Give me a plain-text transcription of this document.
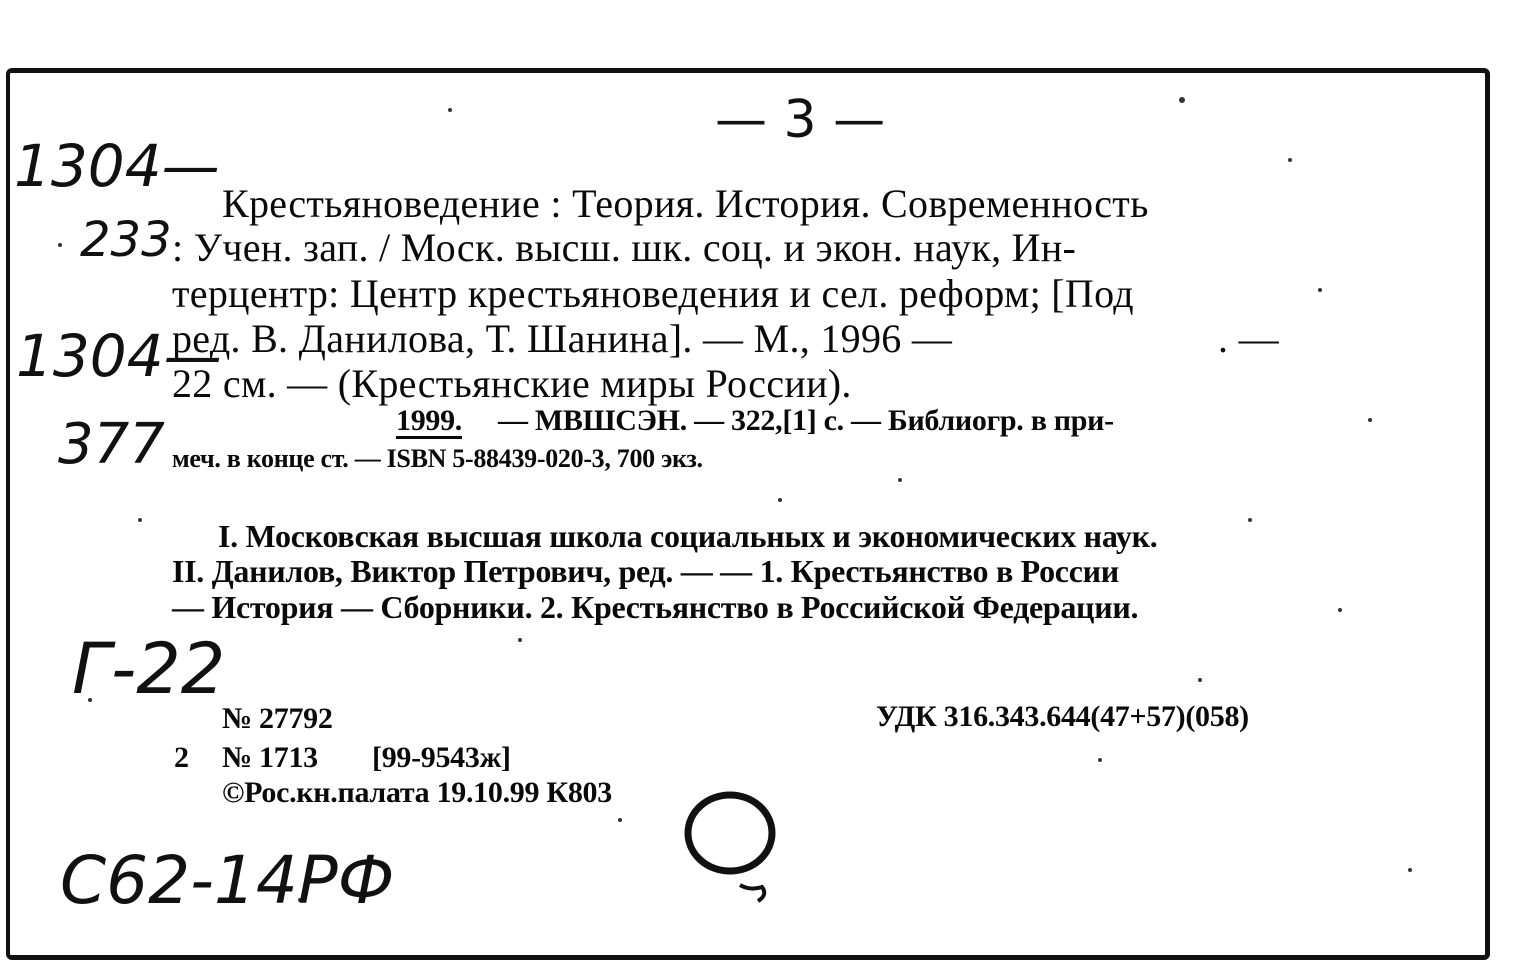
— 3 —
1304—
233
1304—
377
Г-22
С62-14РФ
Крестьяноведение : Теория. История. Современность
: Учен. зап. / Моск. высш. шк. соц. и экон. наук, Ин-
терцентр: Центр крестьяноведения и сел. реформ; [Под
ред. В. Данилова, Т. Шанина]. — М., 1996 —	. —
22 см. — (Крестьянские миры России).
1999. — МВШСЭН. — 322,[1] с. — Библиогр. в при-
меч. в конце ст. — ISBN 5-88439-020-3, 700 экз.
I. Московская высшая школа социальных и экономических наук.
II. Данилов, Виктор Петрович, ред. — — 1. Крестьянство в России
— История — Сборники. 2. Крестьянство в Российской Федерации.
№ 27792	УДК 316.343.644(47+57)(058)
2 № 1713 [99-9543ж]
©Рос.кн.палата 19.10.99 К803
